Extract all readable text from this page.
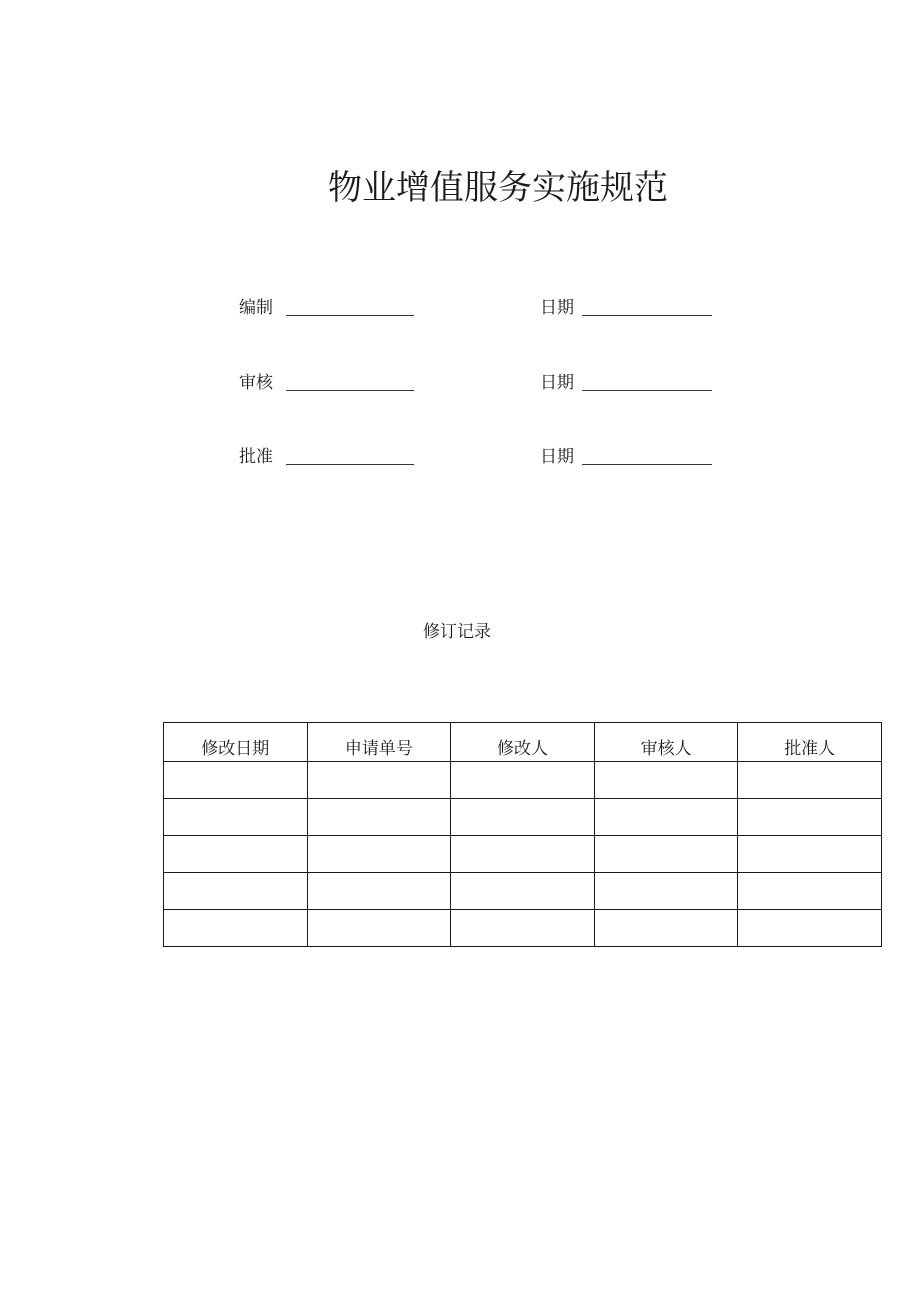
物业增值服务实施规范
编制	日期
审核	日期
批准	日期
修订记录
修改日期	申请单号	修改人	审核人	批准人
